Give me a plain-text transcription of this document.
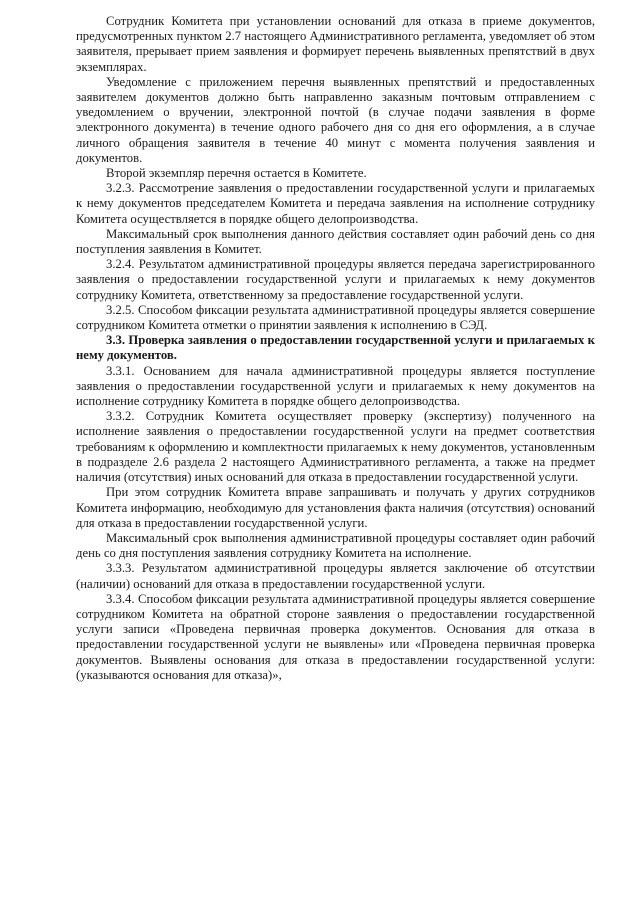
Сотрудник Комитета при установлении оснований для отказа в приеме документов, предусмотренных пунктом 2.7 настоящего Административного регламента, уведомляет об этом заявителя, прерывает прием заявления и формирует перечень выявленных препятствий в двух экземплярах.

Уведомление с приложением перечня выявленных препятствий и предоставленных заявителем документов должно быть направленно заказным почтовым отправлением с уведомлением о вручении, электронной почтой (в случае подачи заявления в форме электронного документа) в течение одного рабочего дня со дня его оформления, а в случае личного обращения заявителя в течение 40 минут с момента получения заявления и документов.

Второй экземпляр перечня остается в Комитете.

3.2.3. Рассмотрение заявления о предоставлении государственной услуги и прилагаемых к нему документов председателем Комитета и передача заявления на исполнение сотруднику Комитета осуществляется в порядке общего делопроизводства.

Максимальный срок выполнения данного действия составляет один рабочий день со дня поступления заявления в Комитет.

3.2.4. Результатом административной процедуры является передача зарегистрированного заявления о предоставлении государственной услуги и прилагаемых к нему документов сотруднику Комитета, ответственному за предоставление государственной услуги.

3.2.5. Способом фиксации результата административной процедуры является совершение сотрудником Комитета отметки о принятии заявления к исполнению в СЭД.

3.3. Проверка заявления о предоставлении государственной услуги и прилагаемых к нему документов.

3.3.1. Основанием для начала административной процедуры является поступление заявления о предоставлении государственной услуги и прилагаемых к нему документов на исполнение сотруднику Комитета в порядке общего делопроизводства.

3.3.2. Сотрудник Комитета осуществляет проверку (экспертизу) полученного на исполнение заявления о предоставлении государственной услуги на предмет соответствия требованиям к оформлению и комплектности прилагаемых к нему документов, установленным в подразделе 2.6 раздела 2 настоящего Административного регламента, а также на предмет наличия (отсутствия) иных оснований для отказа в предоставлении государственной услуги.

При этом сотрудник Комитета вправе запрашивать и получать у других сотрудников Комитета информацию, необходимую для установления факта наличия (отсутствия) оснований для отказа в предоставлении государственной услуги.

Максимальный срок выполнения административной процедуры составляет один рабочий день со дня поступления заявления сотруднику Комитета на исполнение.

3.3.3. Результатом административной процедуры является заключение об отсутствии (наличии) оснований для отказа в предоставлении государственной услуги.

3.3.4. Способом фиксации результата административной процедуры является совершение сотрудником Комитета на обратной стороне заявления о предоставлении государственной услуги записи «Проведена первичная проверка документов. Основания для отказа в предоставлении государственной услуги не выявлены» или «Проведена первичная проверка документов. Выявлены основания для отказа в предоставлении государственной услуги: (указываются основания для отказа)»,
